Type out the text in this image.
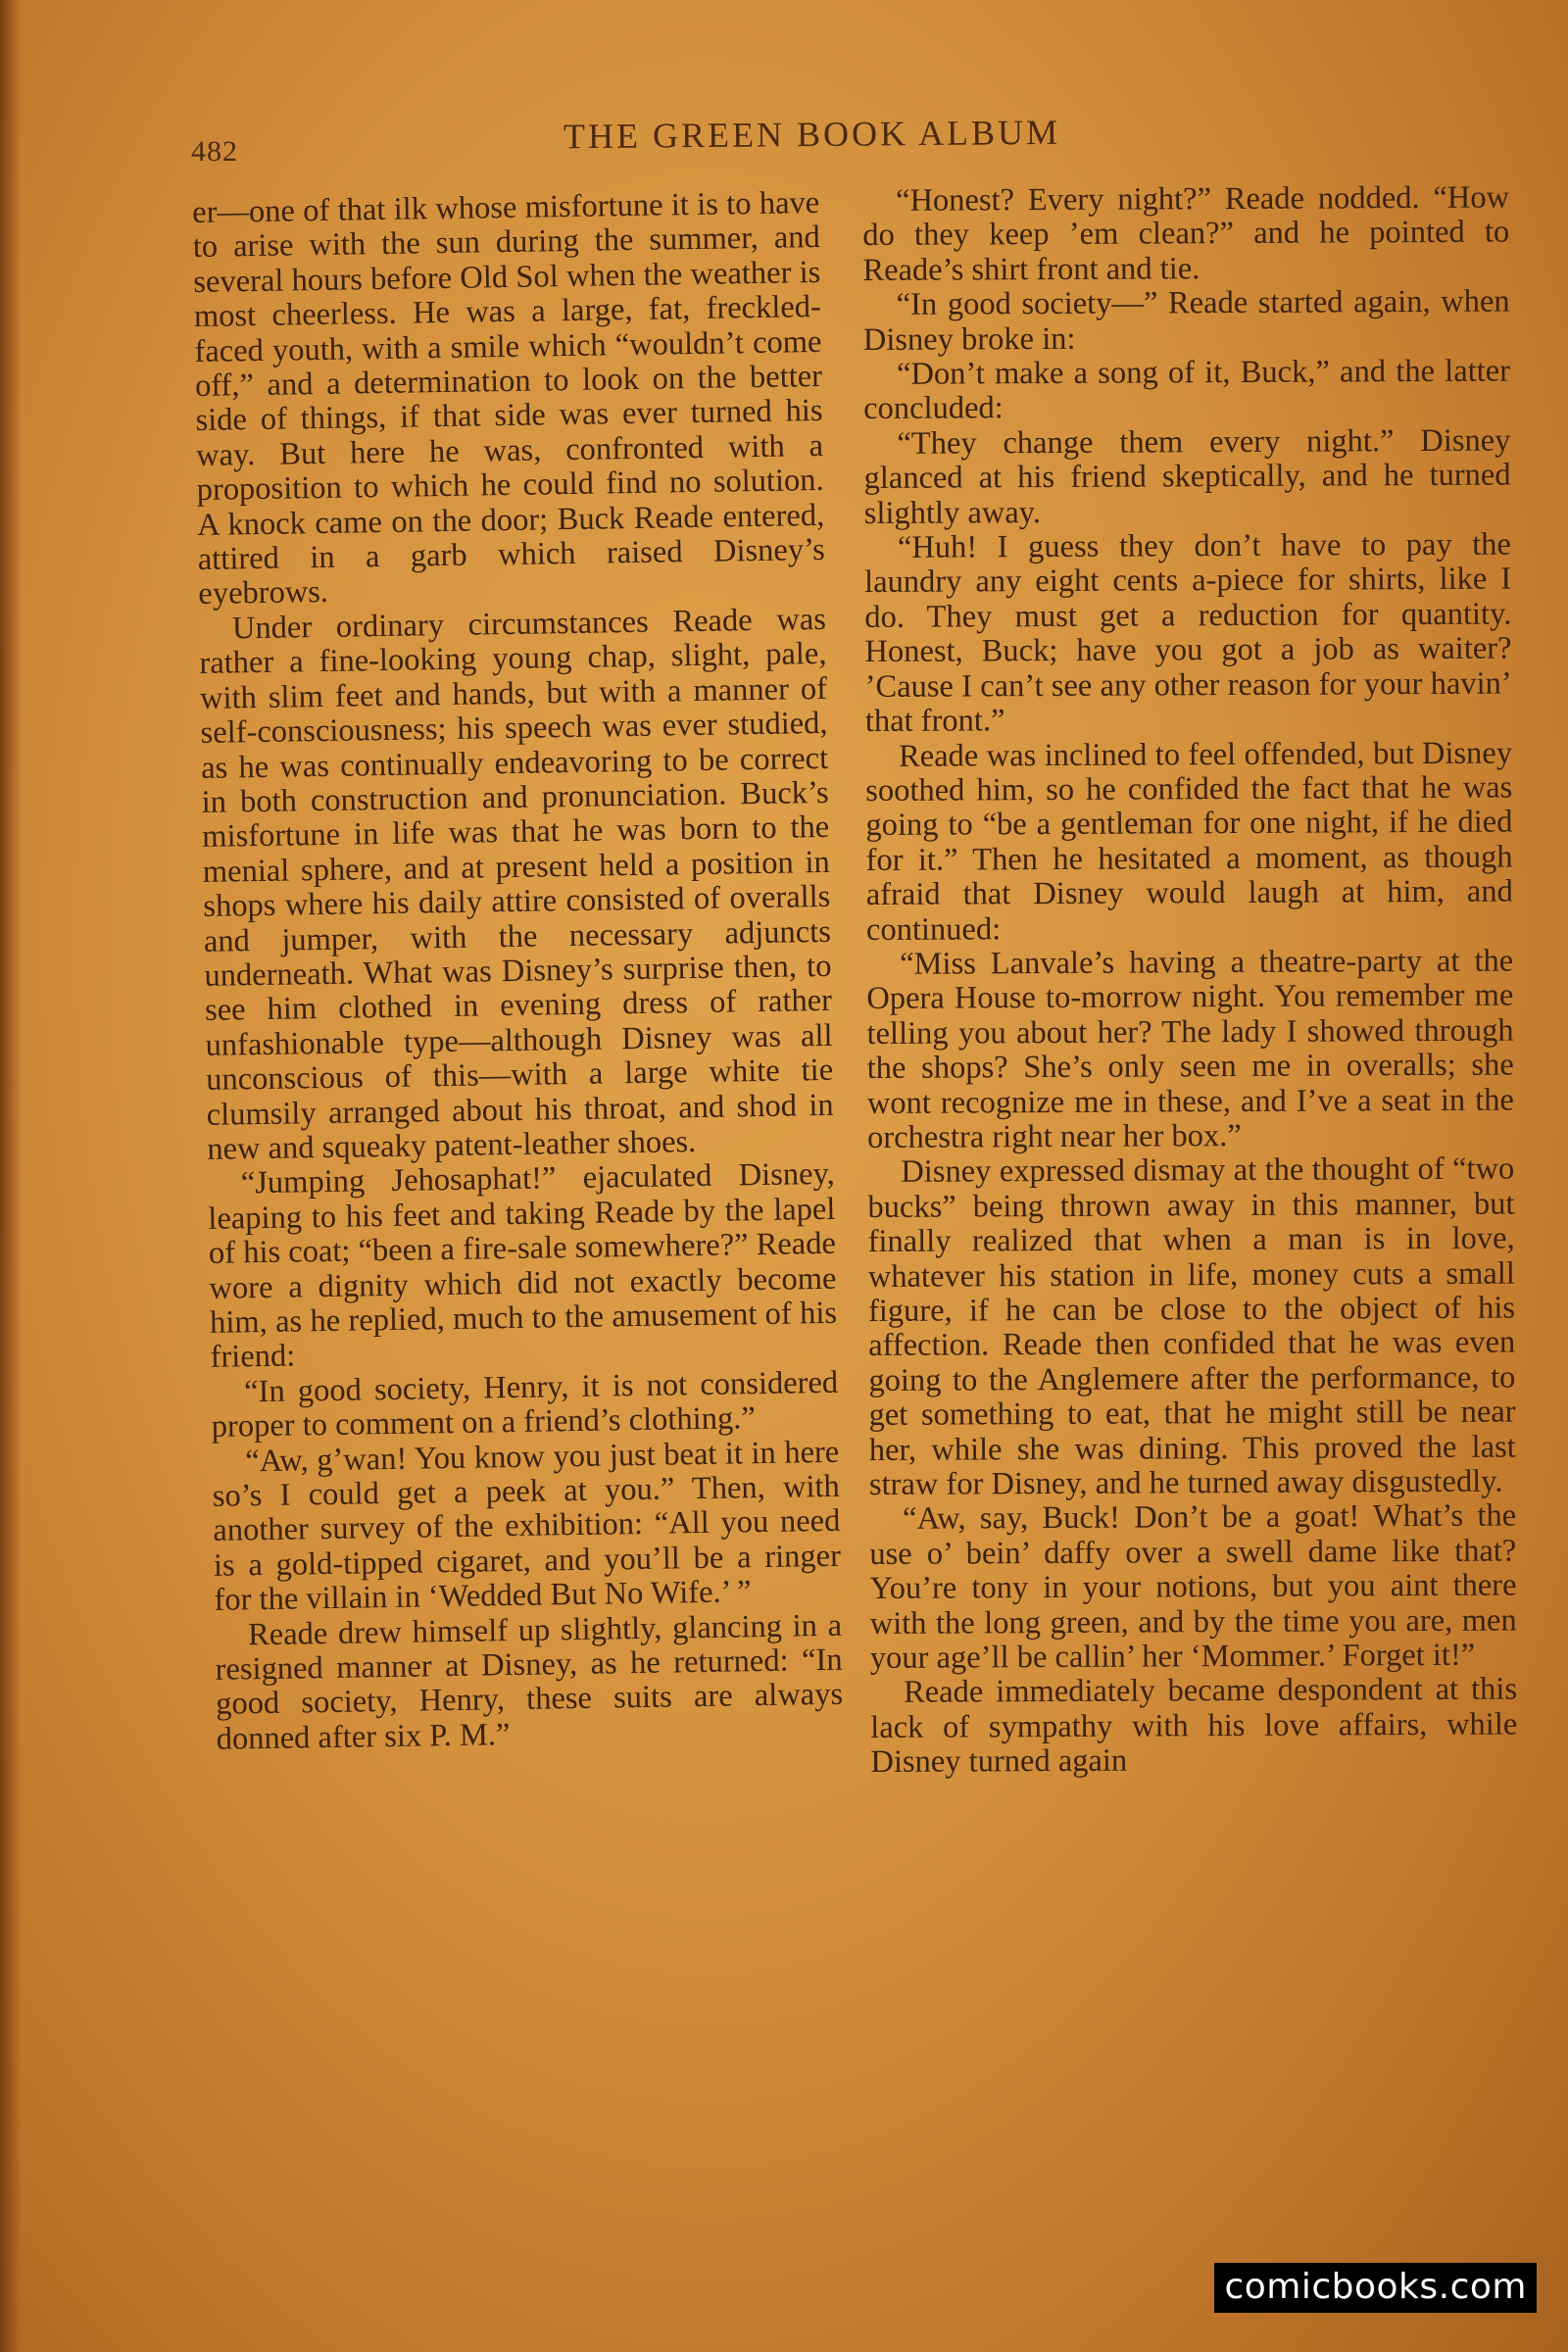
482	THE GREEN BOOK ALBUM

er—one of that ilk whose misfortune it is to have to arise with the sun during the summer, and several hours before Old Sol when the weather is most cheerless. He was a large, fat, freckled-faced youth, with a smile which “wouldn’t come off,” and a determination to look on the better side of things, if that side was ever turned his way. But here he was, confronted with a proposition to which he could find no solution. A knock came on the door; Buck Reade entered, attired in a garb which raised Disney’s eyebrows.

Under ordinary circumstances Reade was rather a fine-looking young chap, slight, pale, with slim feet and hands, but with a manner of self-consciousness; his speech was ever studied, as he was continually endeavoring to be correct in both construction and pronunciation. Buck’s misfortune in life was that he was born to the menial sphere, and at present held a position in shops where his daily attire consisted of overalls and jumper, with the necessary adjuncts underneath. What was Disney’s surprise then, to see him clothed in evening dress of rather unfashionable type—although Disney was all unconscious of this—with a large white tie clumsily arranged about his throat, and shod in new and squeaky patent-leather shoes.

“Jumping Jehosaphat!” ejaculated Disney, leaping to his feet and taking Reade by the lapel of his coat; “been a fire-sale somewhere?” Reade wore a dignity which did not exactly become him, as he replied, much to the amusement of his friend:

“In good society, Henry, it is not considered proper to comment on a friend’s clothing.”

“Aw, g’wan! You know you just beat it in here so’s I could get a peek at you.” Then, with another survey of the exhibition: “All you need is a gold-tipped cigaret, and you’ll be a ringer for the villain in ‘Wedded But No Wife.’ ”

Reade drew himself up slightly, glancing in a resigned manner at Disney, as he returned: “In good society, Henry, these suits are always donned after six P. M.”

“Honest? Every night?” Reade nodded. “How do they keep ’em clean?” and he pointed to Reade’s shirt front and tie.

“In good society—” Reade started again, when Disney broke in:

“Don’t make a song of it, Buck,” and the latter concluded:

“They change them every night.” Disney glanced at his friend skeptically, and he turned slightly away.

“Huh! I guess they don’t have to pay the laundry any eight cents a-piece for shirts, like I do. They must get a reduction for quantity. Honest, Buck; have you got a job as waiter? ’Cause I can’t see any other reason for your havin’ that front.”

Reade was inclined to feel offended, but Disney soothed him, so he confided the fact that he was going to “be a gentleman for one night, if he died for it.” Then he hesitated a moment, as though afraid that Disney would laugh at him, and continued:

“Miss Lanvale’s having a theatre-party at the Opera House to-morrow night. You remember me telling you about her? The lady I showed through the shops? She’s only seen me in overalls; she wont recognize me in these, and I’ve a seat in the orchestra right near her box.”

Disney expressed dismay at the thought of “two bucks” being thrown away in this manner, but finally realized that when a man is in love, whatever his station in life, money cuts a small figure, if he can be close to the object of his affection. Reade then confided that he was even going to the Anglemere after the performance, to get something to eat, that he might still be near her, while she was dining. This proved the last straw for Disney, and he turned away disgustedly.

“Aw, say, Buck! Don’t be a goat! What’s the use o’ bein’ daffy over a swell dame like that? You’re tony in your notions, but you aint there with the long green, and by the time you are, men your age’ll be callin’ her ‘Mommer.’ Forget it!”

Reade immediately became despondent at this lack of sympathy with his love affairs, while Disney turned again

comicbooks.com
